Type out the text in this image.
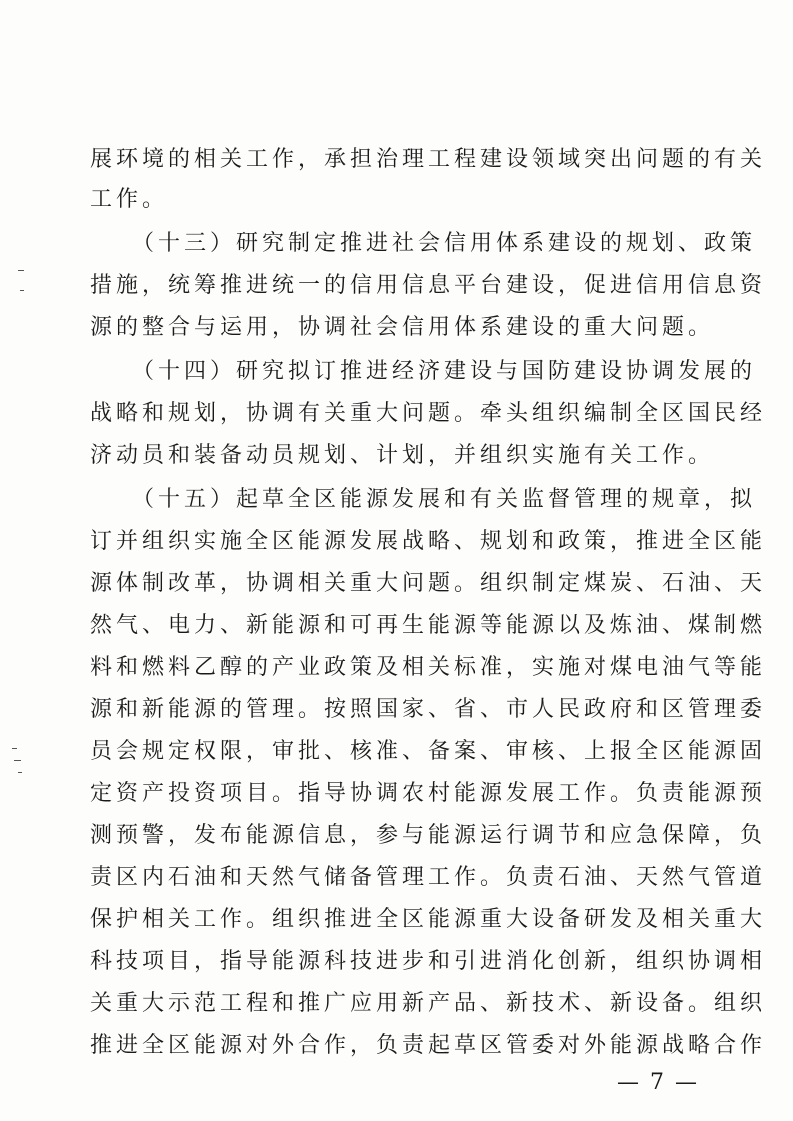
展环境的相关工作，承担治理工程建设领域突出问题的有关
工作。
（十三）研究制定推进社会信用体系建设的规划、政策
措施，统筹推进统一的信用信息平台建设，促进信用信息资
源的整合与运用，协调社会信用体系建设的重大问题。
（十四）研究拟订推进经济建设与国防建设协调发展的
战略和规划，协调有关重大问题。牵头组织编制全区国民经
济动员和装备动员规划、计划，并组织实施有关工作。
（十五）起草全区能源发展和有关监督管理的规章，拟
订并组织实施全区能源发展战略、规划和政策，推进全区能
源体制改革，协调相关重大问题。组织制定煤炭、石油、天
然气、电力、新能源和可再生能源等能源以及炼油、煤制燃
料和燃料乙醇的产业政策及相关标准，实施对煤电油气等能
源和新能源的管理。按照国家、省、市人民政府和区管理委
员会规定权限，审批、核准、备案、审核、上报全区能源固
定资产投资项目。指导协调农村能源发展工作。负责能源预
测预警，发布能源信息，参与能源运行调节和应急保障，负
责区内石油和天然气储备管理工作。负责石油、天然气管道
保护相关工作。组织推进全区能源重大设备研发及相关重大
科技项目，指导能源科技进步和引进消化创新，组织协调相
关重大示范工程和推广应用新产品、新技术、新设备。组织
推进全区能源对外合作，负责起草区管委对外能源战略合作
— 7 —
